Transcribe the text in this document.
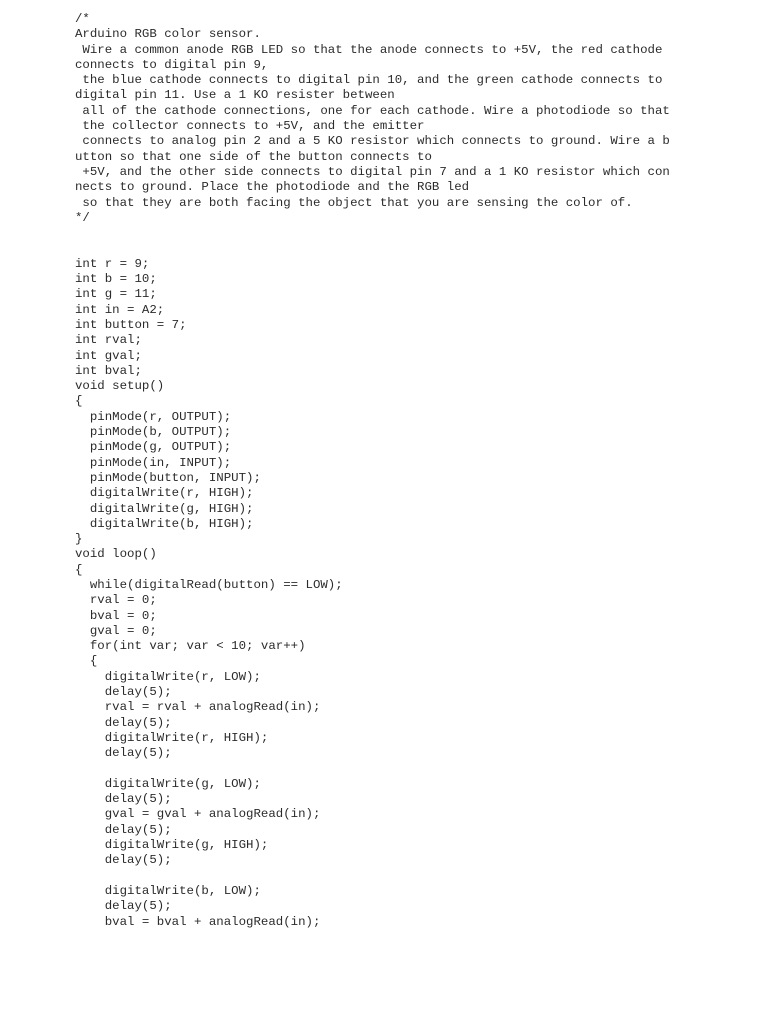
/*
Arduino RGB color sensor.
Wire a common anode RGB LED so that the anode connects to +5V, the red cathode
connects to digital pin 9,
the blue cathode connects to digital pin 10, and the green cathode connects to
digital pin 11. Use a 1 KO resister between
all of the cathode connections, one for each cathode. Wire a photodiode so that
the collector connects to +5V, and the emitter
connects to analog pin 2 and a 5 KO resistor which connects to ground. Wire a b
utton so that one side of the button connects to
+5V, and the other side connects to digital pin 7 and a 1 KO resistor which con
nects to ground. Place the photodiode and the RGB led
so that they are both facing the object that you are sensing the color of.
*/
int r = 9;
int b = 10;
int g = 11;
int in = A2;
int button = 7;
int rval;
int gval;
int bval;
void setup()
{
pinMode(r, OUTPUT);
pinMode(b, OUTPUT);
pinMode(g, OUTPUT);
pinMode(in, INPUT);
pinMode(button, INPUT);
digitalWrite(r, HIGH);
digitalWrite(g, HIGH);
digitalWrite(b, HIGH);
}
void loop()
{
while(digitalRead(button) == LOW);
rval = 0;
bval = 0;
gval = 0;
for(int var; var < 10; var++)
{
digitalWrite(r, LOW);
delay(5);
rval = rval + analogRead(in);
delay(5);
digitalWrite(r, HIGH);
delay(5);
digitalWrite(g, LOW);
delay(5);
gval = gval + analogRead(in);
delay(5);
digitalWrite(g, HIGH);
delay(5);
digitalWrite(b, LOW);
delay(5);
bval = bval + analogRead(in);
